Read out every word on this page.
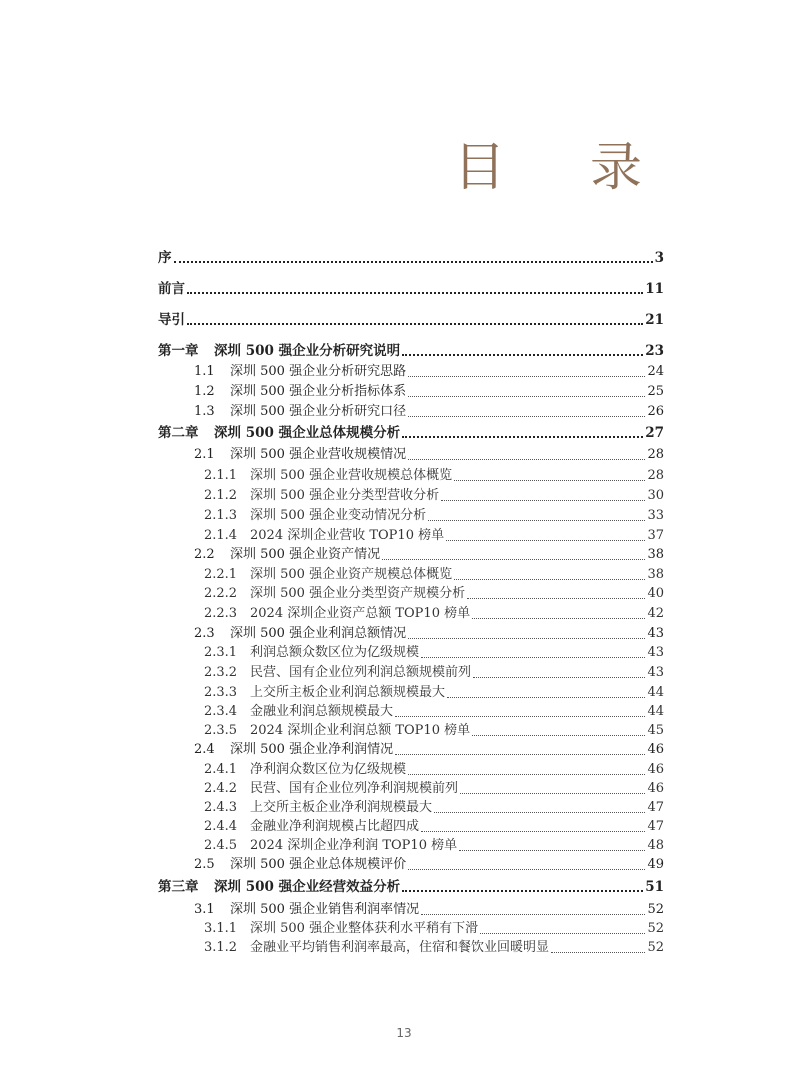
目 录
序	3
前言	11
导引	21
第一章	深圳 500 强企业分析研究说明	23
1.1	深圳 500 强企业分析研究思路	24
1.2	深圳 500 强企业分析指标体系	25
1.3	深圳 500 强企业分析研究口径	26
第二章	深圳 500 强企业总体规模分析	27
2.1	深圳 500 强企业营收规模情况	28
2.1.1 深圳 500 强企业营收规模总体概览	28
2.1.2 深圳 500 强企业分类型营收分析	30
2.1.3 深圳 500 强企业变动情况分析	33
2.1.4 2024 深圳企业营收 TOP10 榜单	37
2.2	深圳 500 强企业资产情况	38
2.2.1 深圳 500 强企业资产规模总体概览	38
2.2.2 深圳 500 强企业分类型资产规模分析	40
2.2.3 2024 深圳企业资产总额 TOP10 榜单	42
2.3	深圳 500 强企业利润总额情况	43
2.3.1 利润总额众数区位为亿级规模	43
2.3.2 民营、国有企业位列利润总额规模前列	43
2.3.3 上交所主板企业利润总额规模最大	44
2.3.4 金融业利润总额规模最大	44
2.3.5 2024 深圳企业利润总额 TOP10 榜单	45
2.4	深圳 500 强企业净利润情况	46
2.4.1 净利润众数区位为亿级规模	46
2.4.2 民营、国有企业位列净利润规模前列	46
2.4.3 上交所主板企业净利润规模最大	47
2.4.4 金融业净利润规模占比超四成	47
2.4.5 2024 深圳企业净利润 TOP10 榜单	48
2.5	深圳 500 强企业总体规模评价	49
第三章	深圳 500 强企业经营效益分析	51
3.1	深圳 500 强企业销售利润率情况	52
3.1.1 深圳 500 强企业整体获利水平稍有下滑	52
3.1.2 金融业平均销售利润率最高，住宿和餐饮业回暖明显	52
13
